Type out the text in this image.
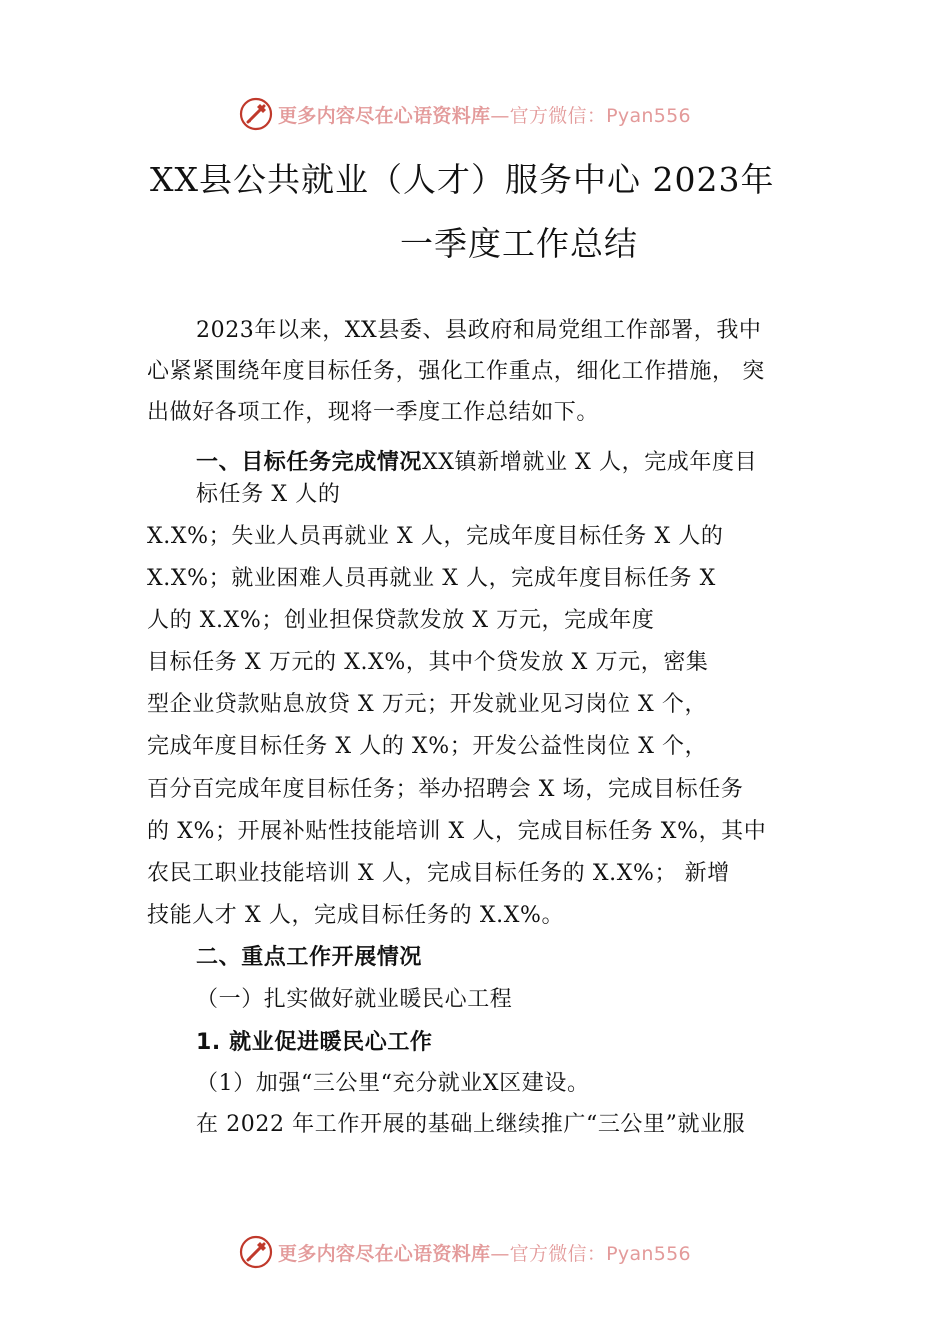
更多内容尽在心语资料库—官方微信：Pyan556
XX县公共就业（人才）服务中心 2023年
一季度工作总结
2023年以来，XX县委、县政府和局党组工作部署，我中
心紧紧围绕年度目标任务，强化工作重点，细化工作措施， 突
出做好各项工作，现将一季度工作总结如下。
一、目标任务完成情况XX镇新增就业 X 人，完成年度目
标任务 X 人的
X.X%；失业人员再就业 X 人，完成年度目标任务 X 人的
X.X%；就业困难人员再就业 X 人，完成年度目标任务 X
人的 X.X%；创业担保贷款发放 X 万元，完成年度
目标任务 X 万元的 X.X%，其中个贷发放 X 万元，密集
型企业贷款贴息放贷 X 万元；开发就业见习岗位 X 个，
完成年度目标任务 X 人的 X%；开发公益性岗位 X 个，
百分百完成年度目标任务；举办招聘会 X 场，完成目标任务
的 X%；开展补贴性技能培训 X 人，完成目标任务 X%，其中
农民工职业技能培训 X 人，完成目标任务的 X.X%； 新增
技能人才 X 人，完成目标任务的 X.X%。
二、重点工作开展情况
（一）扎实做好就业暖民心工程
1. 就业促进暖民心工作
（1）加强“三公里“充分就业X区建设。
在 2022 年工作开展的基础上继续推广“三公里”就业服
更多内容尽在心语资料库—官方微信：Pyan556
